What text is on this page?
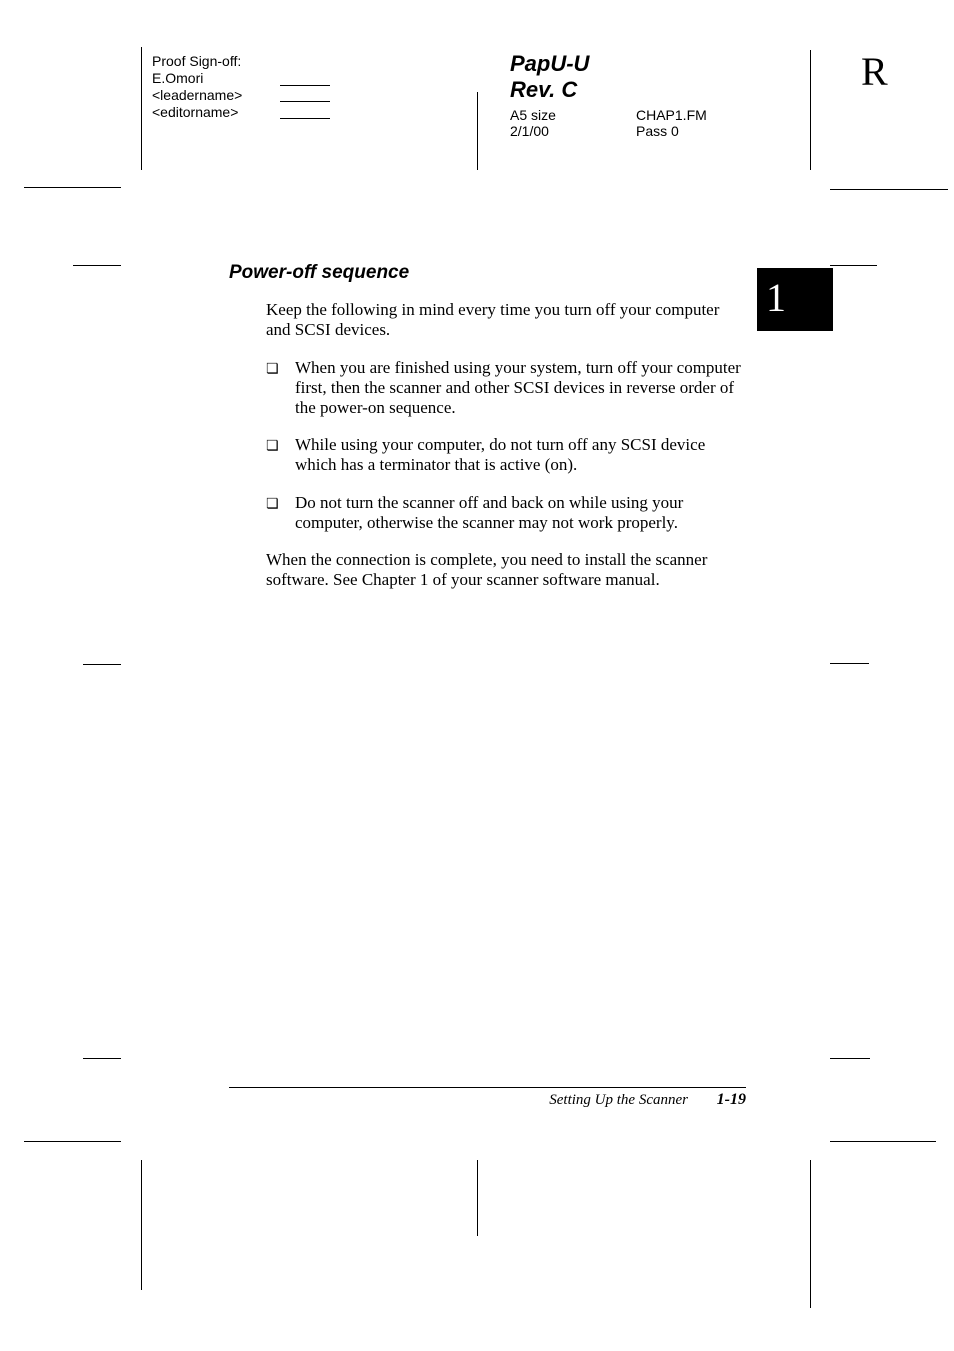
Proof Sign-off:
E.Omori
<leadername>
<editorname>
PapU-U
Rev. C
A5 size
2/1/00
CHAP1.FM
Pass 0
R
1
Power-off sequence
Keep the following in mind every time you turn off your computer and SCSI devices.
❏ When you are finished using your system, turn off your computer first, then the scanner and other SCSI devices in reverse order of the power-on sequence.
❏ While using your computer, do not turn off any SCSI device which has a terminator that is active (on).
❏ Do not turn the scanner off and back on while using your computer, otherwise the scanner may not work properly.
When the connection is complete, you need to install the scanner software. See Chapter 1 of your scanner software manual.
Setting Up the Scanner 1-19
